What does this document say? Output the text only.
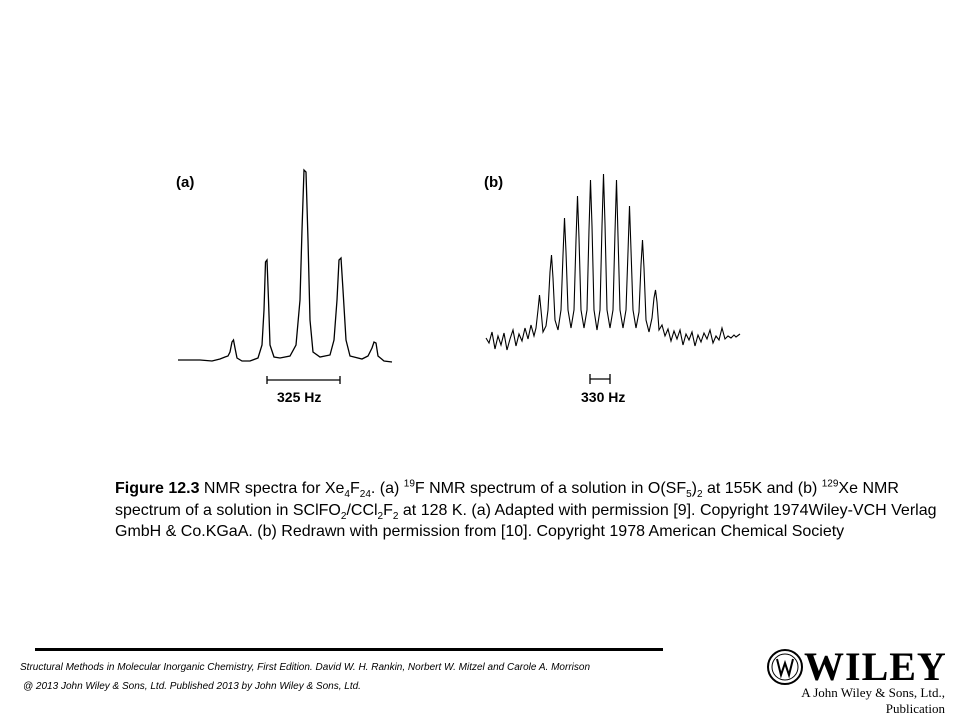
(a)
325 Hz
(b)
330 Hz
Figure 12.3 NMR spectra for $Xe_4F_{24}$. (a) $^{19}$F NMR spectrum of a solution in $O(SF_5)_2$ at 155K and (b) $^{129}$Xe NMR spectrum of a solution in $SClFO_2/CCl_2F_2$ at 128 K. (a) Adapted with permission [9]. Copyright 1974Wiley-VCH Verlag GmbH & Co.KGaA. (b) Redrawn with permission from [10]. Copyright 1978 American Chemical Society
Structural Methods in Molecular Inorganic Chemistry, First Edition. David W. H. Rankin, Norbert W. Mitzel and Carole A. Morrison
@ 2013 John Wiley & Sons, Ltd. Published 2013 by John Wiley & Sons, Ltd.	WILEY
A John Wiley & Sons, Ltd., Publication
